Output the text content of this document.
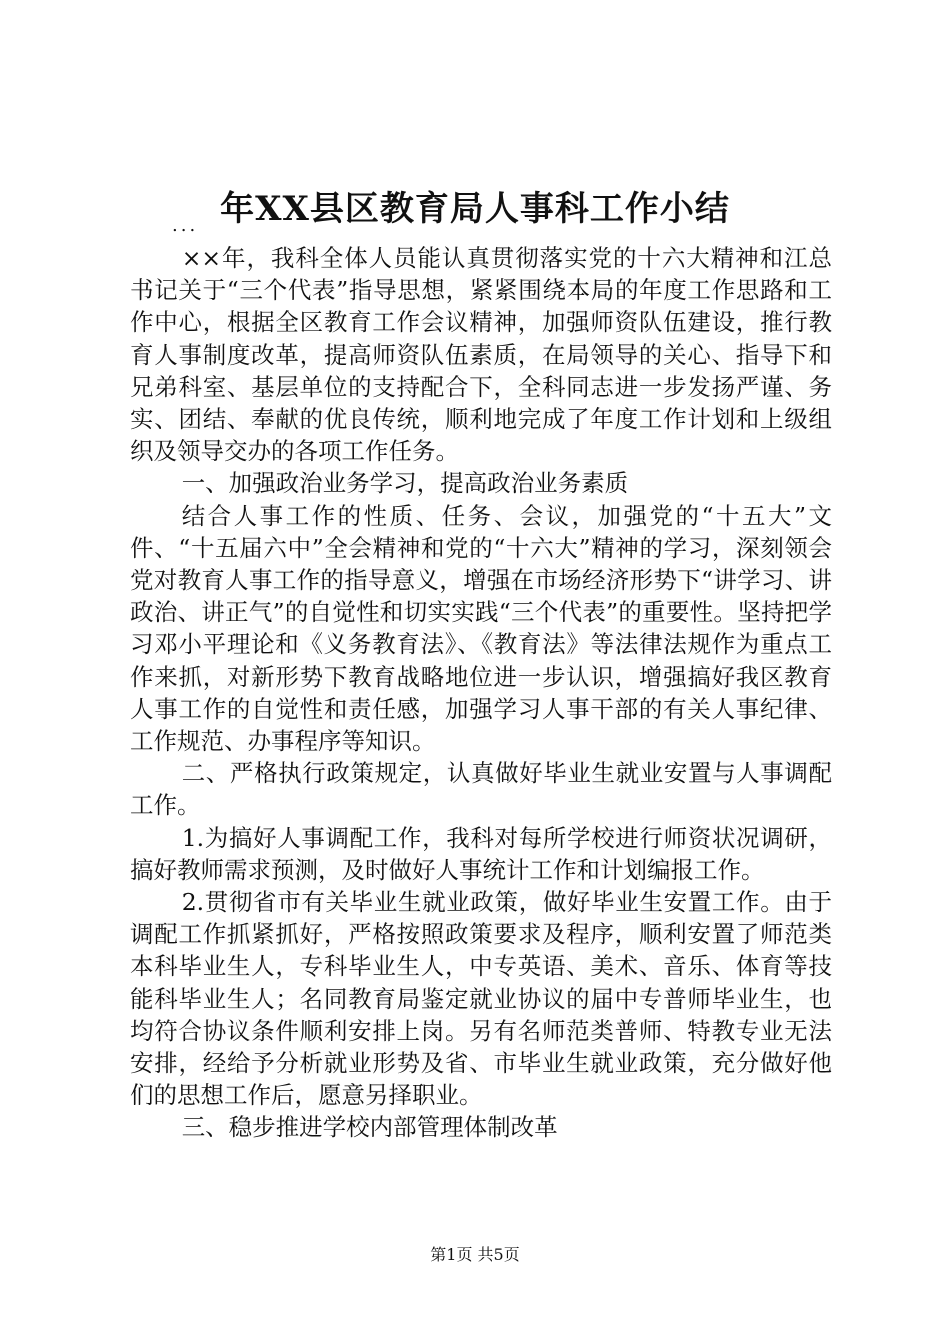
年XX县区教育局人事科工作小结
...

××年，我科全体人员能认真贯彻落实党的十六大精神和江总书记关于“三个代表”指导思想，紧紧围绕本局的年度工作思路和工作中心，根据全区教育工作会议精神，加强师资队伍建设，推行教育人事制度改革，提高师资队伍素质，在局领导的关心、指导下和兄弟科室、基层单位的支持配合下，全科同志进一步发扬严谨、务实、团结、奉献的优良传统，顺利地完成了年度工作计划和上级组织及领导交办的各项工作任务。

一、加强政治业务学习，提高政治业务素质

结合人事工作的性质、任务、会议，加强党的“十五大”文件、“十五届六中”全会精神和党的“十六大”精神的学习，深刻领会党对教育人事工作的指导意义，增强在市场经济形势下“讲学习、讲政治、讲正气”的自觉性和切实实践“三个代表”的重要性。坚持把学习邓小平理论和《义务教育法》、《教育法》等法律法规作为重点工作来抓，对新形势下教育战略地位进一步认识，增强搞好我区教育人事工作的自觉性和责任感，加强学习人事干部的有关人事纪律、工作规范、办事程序等知识。

二、严格执行政策规定，认真做好毕业生就业安置与人事调配工作。

1.为搞好人事调配工作，我科对每所学校进行师资状况调研，搞好教师需求预测，及时做好人事统计工作和计划编报工作。

2.贯彻省市有关毕业生就业政策，做好毕业生安置工作。由于调配工作抓紧抓好，严格按照政策要求及程序，顺利安置了师范类本科毕业生人，专科毕业生人，中专英语、美术、音乐、体育等技能科毕业生人；名同教育局鉴定就业协议的届中专普师毕业生，也均符合协议条件顺利安排上岗。另有名师范类普师、特教专业无法安排，经给予分析就业形势及省、市毕业生就业政策，充分做好他们的思想工作后，愿意另择职业。

三、稳步推进学校内部管理体制改革

第1页 共5页
